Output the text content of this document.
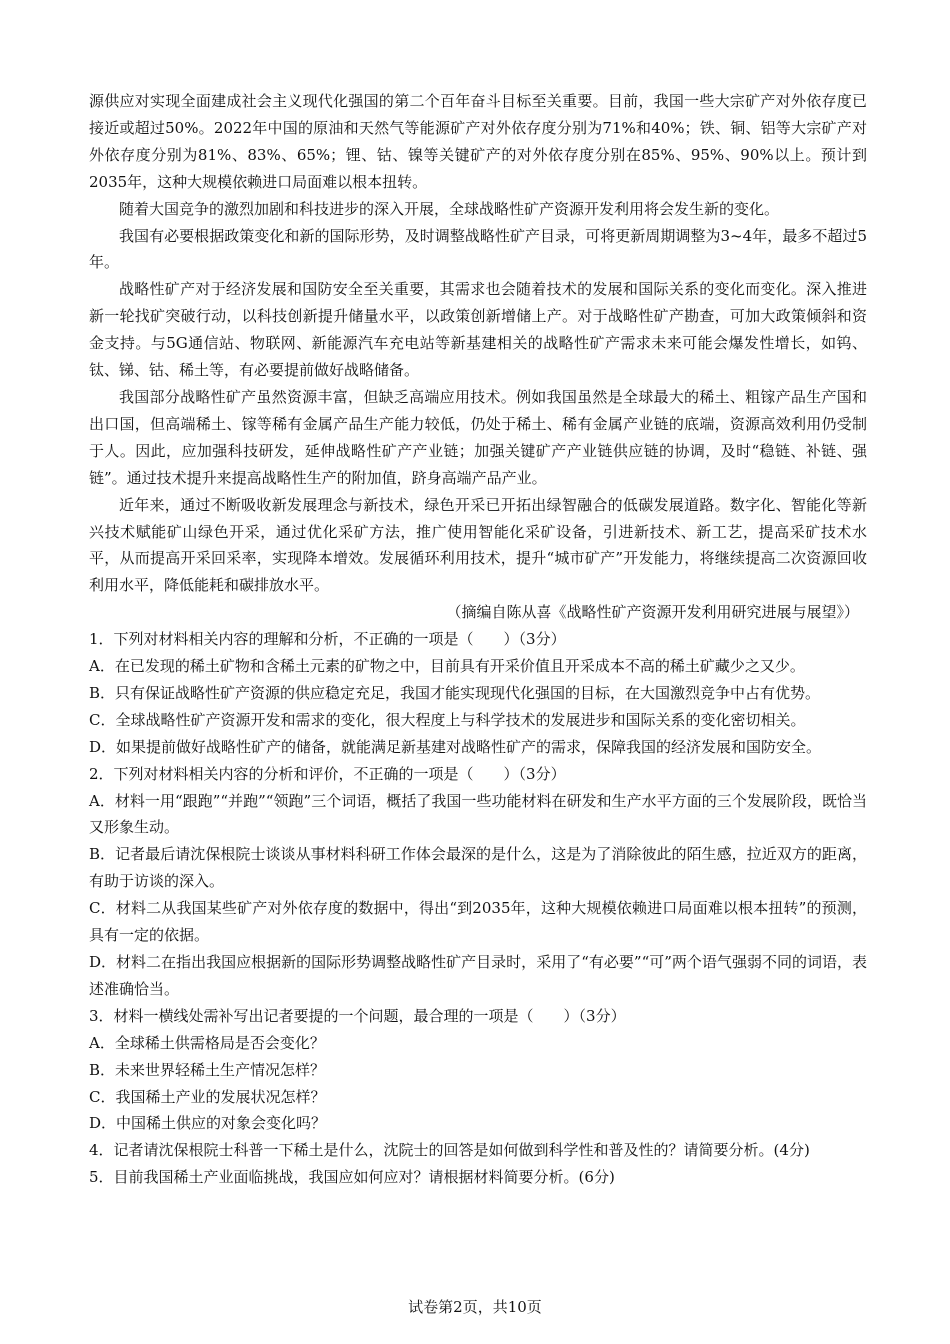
源供应对实现全面建成社会主义现代化强国的第二个百年奋斗目标至关重要。目前，我国一些大宗矿产对外依存度已接近或超过50%。2022年中国的原油和天然气等能源矿产对外依存度分别为71%和40%；铁、铜、铝等大宗矿产对外依存度分别为81%、83%、65%；锂、钴、镍等关键矿产的对外依存度分别在85%、95%、90%以上。预计到2035年，这种大规模依赖进口局面难以根本扭转。

随着大国竞争的激烈加剧和科技进步的深入开展，全球战略性矿产资源开发利用将会发生新的变化。

我国有必要根据政策变化和新的国际形势，及时调整战略性矿产目录，可将更新周期调整为3~4年，最多不超过5年。

战略性矿产对于经济发展和国防安全至关重要，其需求也会随着技术的发展和国际关系的变化而变化。深入推进新一轮找矿突破行动，以科技创新提升储量水平，以政策创新增储上产。对于战略性矿产勘查，可加大政策倾斜和资金支持。与5G通信站、物联网、新能源汽车充电站等新基建相关的战略性矿产需求未来可能会爆发性增长，如钨、钛、锑、钴、稀土等，有必要提前做好战略储备。

我国部分战略性矿产虽然资源丰富，但缺乏高端应用技术。例如我国虽然是全球最大的稀土、粗镓产品生产国和出口国，但高端稀土、镓等稀有金属产品生产能力较低，仍处于稀土、稀有金属产业链的底端，资源高效利用仍受制于人。因此，应加强科技研发，延伸战略性矿产产业链；加强关键矿产产业链供应链的协调，及时“稳链、补链、强链”。通过技术提升来提高战略性生产的附加值，跻身高端产品产业。

近年来，通过不断吸收新发展理念与新技术，绿色开采已开拓出绿智融合的低碳发展道路。数字化、智能化等新兴技术赋能矿山绿色开采，通过优化采矿方法，推广使用智能化采矿设备，引进新技术、新工艺，提高采矿技术水平，从而提高开采回采率，实现降本增效。发展循环利用技术，提升“城市矿产”开发能力，将继续提高二次资源回收利用水平，降低能耗和碳排放水平。

（摘编自陈从喜《战略性矿产资源开发利用研究进展与展望》）

1．下列对材料相关内容的理解和分析，不正确的一项是（　　）（3分）

A．在已发现的稀土矿物和含稀土元素的矿物之中，目前具有开采价值且开采成本不高的稀土矿藏少之又少。

B．只有保证战略性矿产资源的供应稳定充足，我国才能实现现代化强国的目标，在大国激烈竞争中占有优势。

C．全球战略性矿产资源开发和需求的变化，很大程度上与科学技术的发展进步和国际关系的变化密切相关。

D．如果提前做好战略性矿产的储备，就能满足新基建对战略性矿产的需求，保障我国的经济发展和国防安全。

2．下列对材料相关内容的分析和评价，不正确的一项是（　　）（3分）

A．材料一用“跟跑”“并跑”“领跑”三个词语，概括了我国一些功能材料在研发和生产水平方面的三个发展阶段，既恰当又形象生动。

B．记者最后请沈保根院士谈谈从事材料科研工作体会最深的是什么，这是为了消除彼此的陌生感，拉近双方的距离，有助于访谈的深入。

C．材料二从我国某些矿产对外依存度的数据中，得出“到2035年，这种大规模依赖进口局面难以根本扭转”的预测，具有一定的依据。

D．材料二在指出我国应根据新的国际形势调整战略性矿产目录时，采用了“有必要”“可”两个语气强弱不同的词语，表述准确恰当。

3．材料一横线处需补写出记者要提的一个问题，最合理的一项是（　　）（3分）

A．全球稀土供需格局是否会变化？

B．未来世界轻稀土生产情况怎样？

C．我国稀土产业的发展状况怎样？

D．中国稀土供应的对象会变化吗？

4．记者请沈保根院士科普一下稀土是什么，沈院士的回答是如何做到科学性和普及性的？请简要分析。(4分)

5．目前我国稀土产业面临挑战，我国应如何应对？请根据材料简要分析。(6分)

试卷第2页，共10页
